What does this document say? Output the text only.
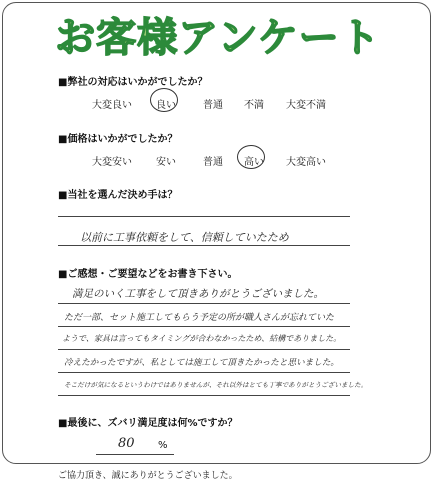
お客様アンケート
■弊社の対応はいかがでしたか？
大変良い 良い	普通 不満 大変不満
■価格はいかがでしたか？
大変安い 安い	普通 高い 大変高い
■当社を選んだ決め手は？
以前に工事依頼をして、信頼していたため
■ご感想・ご要望などをお書き下さい。
満足のいく工事をして頂きありがとうございました。
ただ一部、セット施工してもらう予定の所が職人さんが忘れていた
ようで、家具は言ってもタイミングが合わなかったため、結構でありました。
冷えたかったですが、私としては施工して頂きたかったと思いました。
そこだけが気になるというわけではありませんが、それ以外はとても丁寧でありがとうございました。
■最後に、ズバリ満足度は何%ですか？
80 %
ご協力頂き、誠にありがとうございました。
